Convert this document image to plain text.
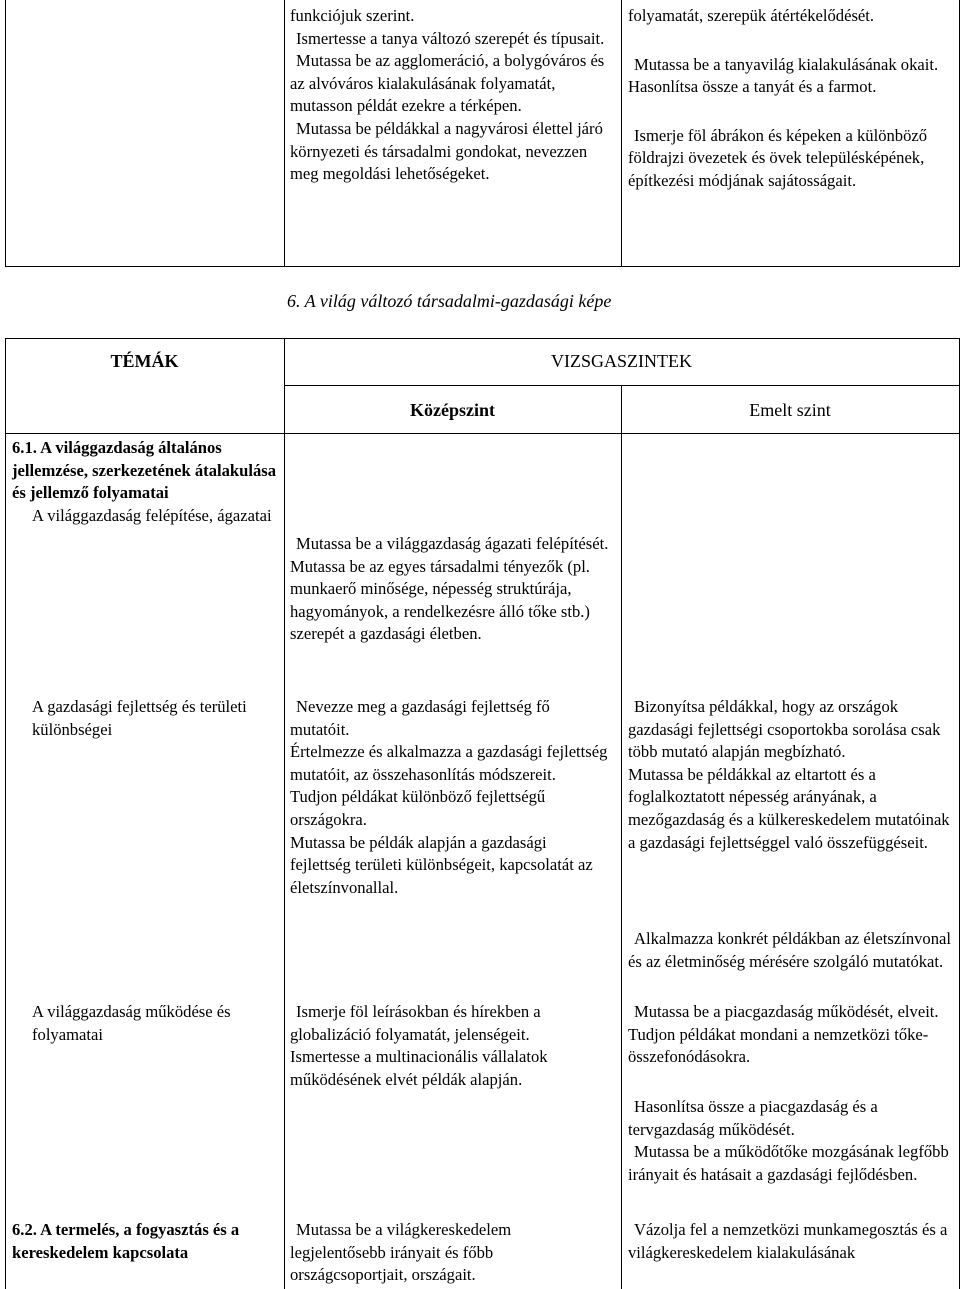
funkciójuk szerint.

Ismertesse a tanya változó szerepét és típusait.

Mutassa be az agglomeráció, a bolygóváros és az alvóváros kialakulásának folyamatát, mutasson példát ezekre a térképen.

Mutassa be példákkal a nagyvárosi élettel járó környezeti és társadalmi gondokat, nevezzen meg megoldási lehetőségeket.

folyamatát, szerepük átértékelődését.

Mutassa be a tanyavilág kialakulásának okait. Hasonlítsa össze a tanyát és a farmot.

Ismerje föl ábrákon és képeken a különböző földrajzi övezetek és övek településképének, építkezési módjának sajátosságait.

6. A világ változó társadalmi-gazdasági képe
TÉMÁK	VIZSGASZINTEK
Középszint	Emelt szint

6.1. A világgazdaság általános jellemzése, szerkezetének átalakulása és jellemző folyamatai

A világgazdaság felépítése, ágazatai

A gazdasági fejlettség és területi különbségei

A világgazdaság működése és folyamatai

6.2. A termelés, a fogyasztás és a kereskedelem kapcsolata

Mutassa be a világgazdaság ágazati felépítését.

Mutassa be az egyes társadalmi tényezők (pl. munkaerő minősége, népesség struktúrája, hagyományok, a rendelkezésre álló tőke stb.) szerepét a gazdasági életben.

Nevezze meg a gazdasági fejlettség fő mutatóit.

Értelmezze és alkalmazza a gazdasági fejlettség mutatóit, az összehasonlítás módszereit.

Tudjon példákat különböző fejlettségű országokra.

Mutassa be példák alapján a gazdasági fejlettség területi különbségeit, kapcsolatát az életszínvonallal.

Ismerje föl leírásokban és hírekben a globalizáció folyamatát, jelenségeit.

Ismertesse a multinacionális vállalatok működésének elvét példák alapján.

Mutassa be a világkereskedelem legjelentősebb irányait és főbb országcsoportjait, országait.

Bizonyítsa példákkal, hogy az országok gazdasági fejlettségi csoportokba sorolása csak több mutató alapján megbízható.

Mutassa be példákkal az eltartott és a foglalkoztatott népesség arányának, a mezőgazdaság és a külkereskedelem mutatóinak a gazdasági fejlettséggel való összefüggéseit.

Alkalmazza konkrét példákban az életszínvonal és az életminőség mérésére szolgáló mutatókat.

Mutassa be a piacgazdaság működését, elveit. Tudjon példákat mondani a nemzetközi tőke-összefonódásokra.

Hasonlítsa össze a piacgazdaság és a tervgazdaság működését.

Mutassa be a működőtőke mozgásának legfőbb irányait és hatásait a gazdasági fejlődésben.

Vázolja fel a nemzetközi munkamegosztás és a világkereskedelem kialakulásának
